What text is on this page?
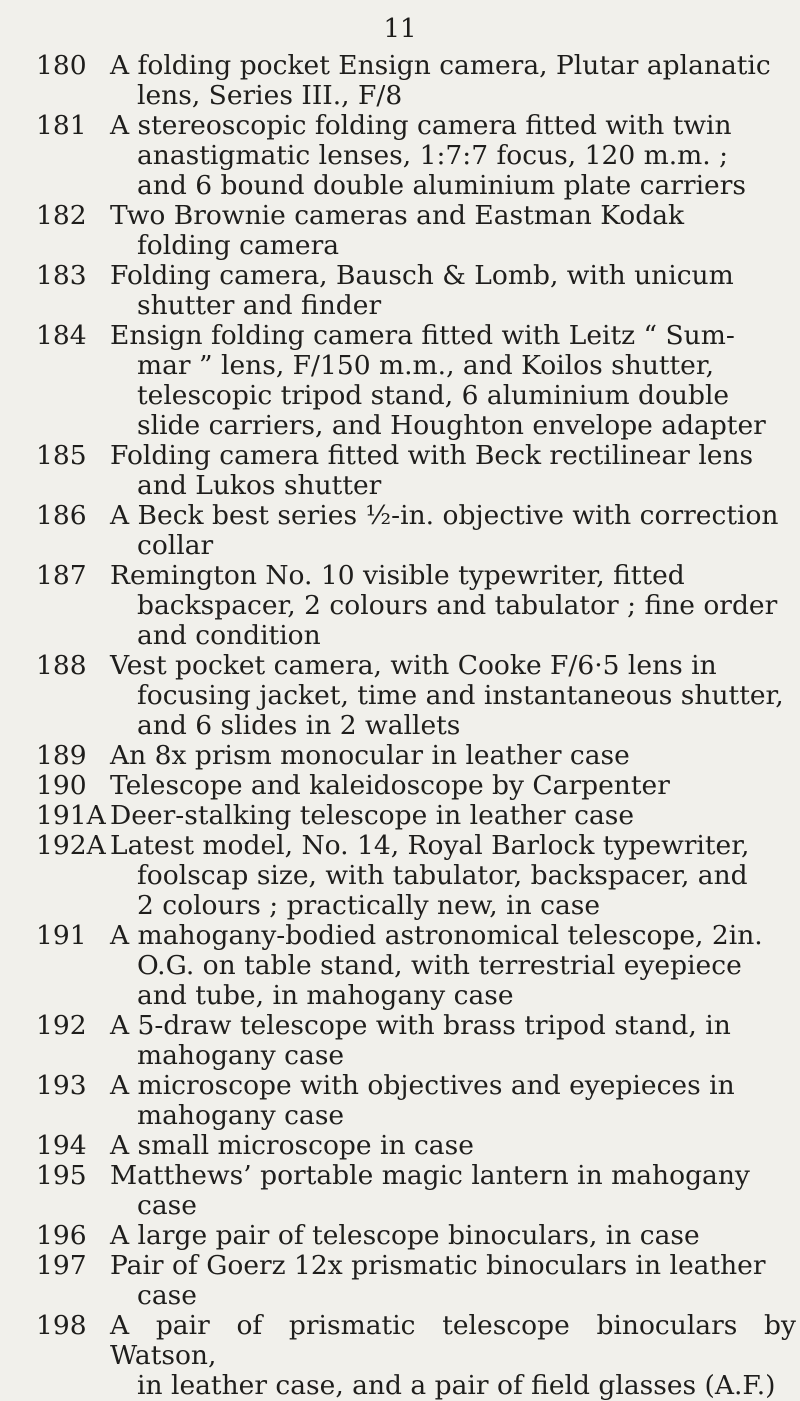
11
180 A folding pocket Ensign camera, Plutar aplanatic
lens, Series III., F/8
181 A stereoscopic folding camera fitted with twin
anastigmatic lenses, 1:7:7 focus, 120 m.m. ;
and 6 bound double aluminium plate carriers
182 Two Brownie cameras and Eastman Kodak
folding camera
183 Folding camera, Bausch & Lomb, with unicum
shutter and finder
184 Ensign folding camera fitted with Leitz “ Sum-
mar ” lens, F/150 m.m., and Koilos shutter,
telescopic tripod stand, 6 aluminium double
slide carriers, and Houghton envelope adapter
185 Folding camera fitted with Beck rectilinear lens
and Lukos shutter
186 A Beck best series ½-in. objective with correction
collar
187 Remington No. 10 visible typewriter, fitted
backspacer, 2 colours and tabulator ; fine order
and condition
188 Vest pocket camera, with Cooke F/6·5 lens in
focusing jacket, time and instantaneous shutter,
and 6 slides in 2 wallets
189 An 8x prism monocular in leather case
190 Telescope and kaleidoscope by Carpenter
191A Deer-stalking telescope in leather case
192A Latest model, No. 14, Royal Barlock typewriter,
foolscap size, with tabulator, backspacer, and
2 colours ; practically new, in case
191 A mahogany-bodied astronomical telescope, 2in.
O.G. on table stand, with terrestrial eyepiece
and tube, in mahogany case
192 A 5-draw telescope with brass tripod stand, in
mahogany case
193 A microscope with objectives and eyepieces in
mahogany case
194 A small microscope in case
195 Matthews’ portable magic lantern in mahogany
case
196 A large pair of telescope binoculars, in case
197 Pair of Goerz 12x prismatic binoculars in leather
case
198 A pair of prismatic telescope binoculars by Watson,
in leather case, and a pair of field glasses (A.F.)
